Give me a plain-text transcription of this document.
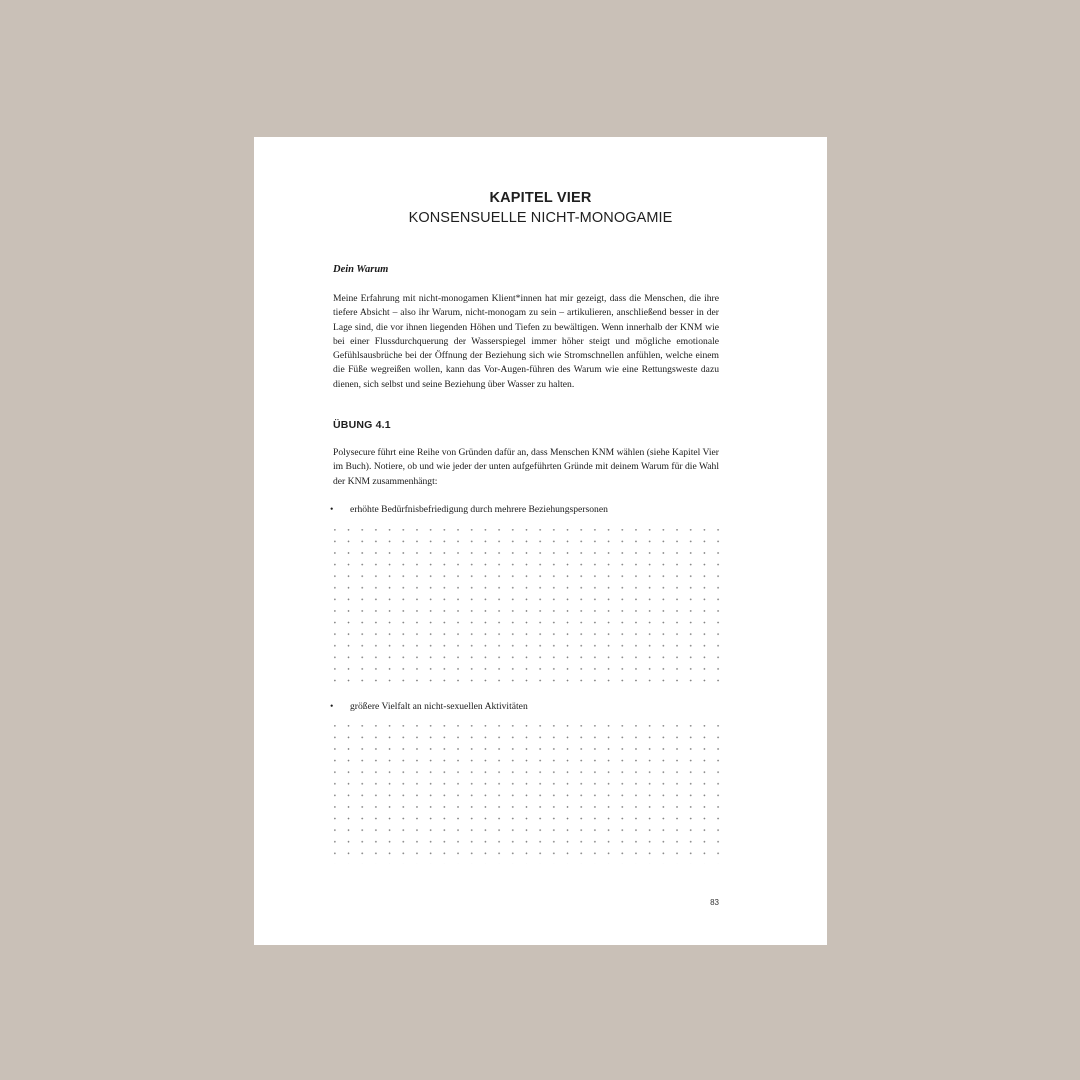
KAPITEL VIER
KONSENSUELLE NICHT-MONOGAMIE
Dein Warum

Meine Erfahrung mit nicht-monogamen Klient*innen hat mir gezeigt, dass die Menschen, die ihre tiefere Absicht – also ihr Warum, nicht-monogam zu sein – artikulieren, anschließend besser in der Lage sind, die vor ihnen liegenden Höhen und Tiefen zu bewältigen. Wenn innerhalb der KNM wie bei einer Flussdurchquerung der Wasserspiegel immer höher steigt und mögliche emotionale Gefühlsausbrüche bei der Öffnung der Beziehung sich wie Stromschnellen anfühlen, welche einem die Füße wegreißen wollen, kann das Vor-Augen-führen des Warum wie eine Rettungsweste dazu dienen, sich selbst und seine Beziehung über Wasser zu halten.

ÜBUNG 4.1

Polysecure führt eine Reihe von Gründen dafür an, dass Menschen KNM wählen (siehe Kapitel Vier im Buch). Notiere, ob und wie jeder der unten aufgeführten Gründe mit deinem Warum für die Wahl der KNM zusammenhängt:

• erhöhte Bedürfnisbefriedigung durch mehrere Beziehungspersonen
• größere Vielfalt an nicht-sexuellen Aktivitäten
83
